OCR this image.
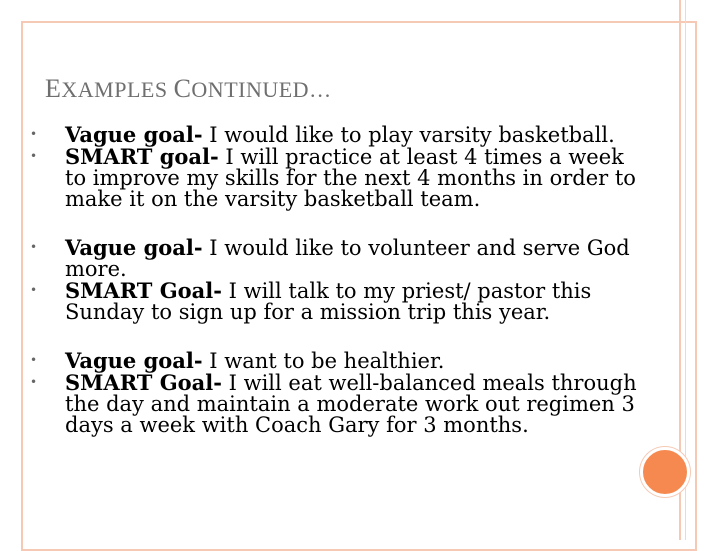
EXAMPLES CONTINUED…
• Vague goal- I would like to play varsity basketball.
• SMART goal- I will practice at least 4 times a week to improve my skills for the next 4 months in order to make it on the varsity basketball team.
• Vague goal- I would like to volunteer and serve God more.
• SMART Goal- I will talk to my priest/ pastor this Sunday to sign up for a mission trip this year.
• Vague goal- I want to be healthier.
• SMART Goal- I will eat well-balanced meals through the day and maintain a moderate work out regimen 3 days a week with Coach Gary for 3 months.
